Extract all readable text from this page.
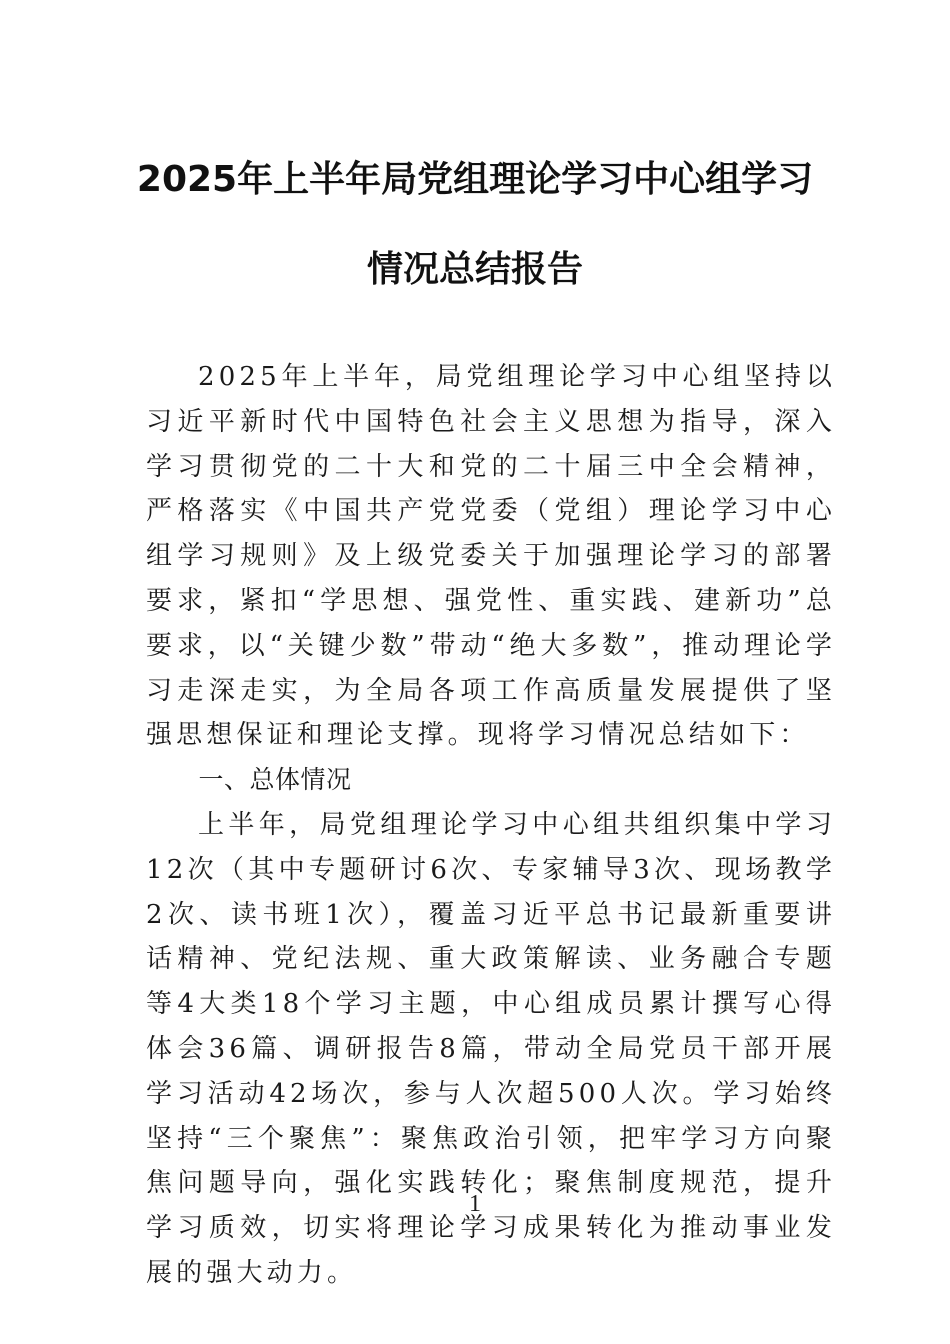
2025年上半年局党组理论学习中心组学习
情况总结报告

2025年上半年，局党组理论学习中心组坚持以习近平新时代中国特色社会主义思想为指导，深入学习贯彻党的二十大和党的二十届三中全会精神，严格落实《中国共产党党委（党组）理论学习中心组学习规则》及上级党委关于加强理论学习的部署要求，紧扣“学思想、强党性、重实践、建新功”总要求，以“关键少数”带动“绝大多数”，推动理论学习走深走实，为全局各项工作高质量发展提供了坚强思想保证和理论支撑。现将学习情况总结如下：

一、总体情况

上半年，局党组理论学习中心组共组织集中学习12次（其中专题研讨6次、专家辅导3次、现场教学2次、读书班1次），覆盖习近平总书记最新重要讲话精神、党纪法规、重大政策解读、业务融合专题等4大类18个学习主题，中心组成员累计撰写心得体会36篇、调研报告8篇，带动全局党员干部开展学习活动42场次，参与人次超500人次。学习始终坚持“三个聚焦”：聚焦政治引领，把牢学习方向聚焦问题导向，强化实践转化；聚焦制度规范，提升学习质效，切实将理论学习成果转化为推动事业发展的强大动力。

1
